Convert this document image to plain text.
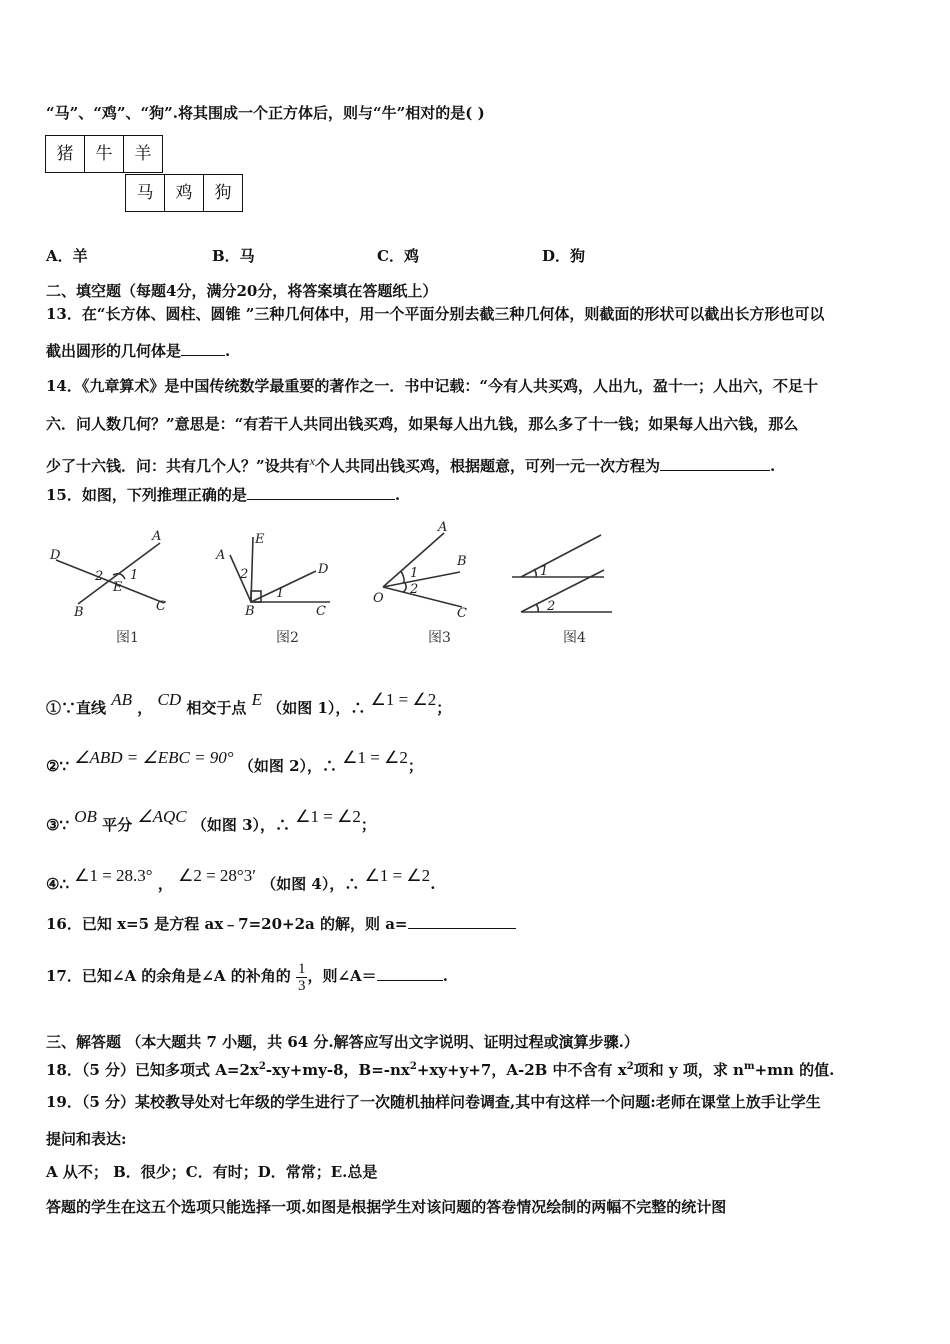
“马”、“鸡”、“狗”.将其围成一个正方体后，则与“牛”相对的是( )
猪	牛	羊
马	鸡	狗
A．羊	B．马	C．鸡	D．狗
二、填空题（每题4分，满分20分，将答案填在答题纸上）
13．在“长方体、圆柱、圆锥 ”三种几何体中，用一个平面分别去截三种几何体，则截面的形状可以截出长方形也可以
截出圆形的几何体是	.
14．《九章算术》是中国传统数学最重要的著作之一．书中记载：“今有人共买鸡，人出九，盈十一；人出六，不足十
六．问人数几何？”意思是：“有若干人共同出钱买鸡，如果每人出九钱，那么多了十一钱；如果每人出六钱，那么
少了十六钱．问：共有几个人？”设共有$^x$个人共同出钱买鸡，根据题意，可列一元一次方程为	.
15．如图，下列推理正确的是	.
D
A
2 1
E
B	C
E
A
2	D
1
B	C
A
1
B
O
2
C
1
2
图1	图2	图3	图4
①∵直线 AB ， CD 相交于点 E （如图 1），∴ ∠1 = ∠2；
②∵ ∠ABD = ∠EBC = 90° （如图 2），∴ ∠1 = ∠2；
③∵ OB 平分 ∠AQC （如图 3），∴ ∠1 = ∠2；
④∴ ∠1 = 28.3° ， ∠2 = 28°3′ （如图 4），∴ ∠1 = ∠2.
16．已知 x=5 是方程 ax﹣7=20+2a 的解，则 a=
17．已知∠A 的余角是∠A 的补角的 $\frac{1}{3}$ ，则∠A＝	.
三、解答题 （本大题共 7 小题，共 64 分.解答应写出文字说明、证明过程或演算步骤.）
18．（5 分）已知多项式 $A=2x^2-xy+my-8$，$B=-nx^2+xy+y+7$，A-2B 中不含有 $x^2$项和 y 项，求 $n^m+mn$ 的值.
19．（5 分）某校教导处对七年级的学生进行了一次随机抽样问卷调查,其中有这样一个问题:老师在课堂上放手让学生
提问和表达:
A 从不； B．很少；C．有时；D．常常；E.总是
答题的学生在这五个选项只能选择一项.如图是根据学生对该问题的答卷情况绘制的两幅不完整的统计图
